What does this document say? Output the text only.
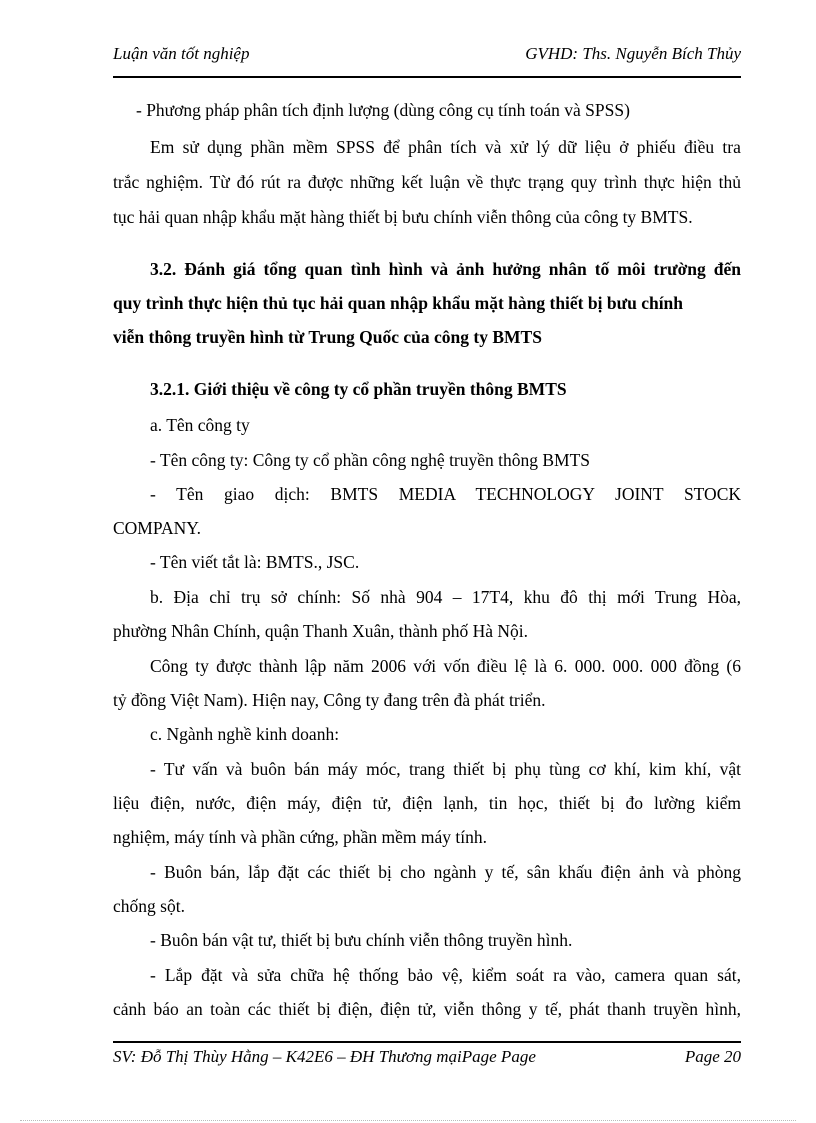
Luận văn tốt nghiệp	GVHD: Ths. Nguyễn Bích Thủy
- Phương pháp phân tích định lượng (dùng công cụ tính toán và SPSS)
Em sử dụng phần mềm SPSS để phân tích và xử lý dữ liệu ở phiếu điều tra
trắc nghiệm. Từ đó rút ra được những kết luận về thực trạng quy trình thực hiện thủ
tục hải quan nhập khẩu mặt hàng thiết bị bưu chính viễn thông của công ty BMTS.
3.2. Đánh giá tổng quan tình hình và ảnh hưởng nhân tố môi trường đến
quy trình thực hiện thủ tục hải quan nhập khẩu mặt hàng thiết bị bưu chính
viễn thông truyền hình từ Trung Quốc của công ty BMTS
3.2.1. Giới thiệu về công ty cổ phần truyền thông BMTS
a. Tên công ty
- Tên công ty: Công ty cổ phần công nghệ truyền thông BMTS
- Tên giao dịch: BMTS MEDIA TECHNOLOGY JOINT STOCK
COMPANY.
- Tên viết tắt là: BMTS., JSC.
b. Địa chỉ trụ sở chính: Số nhà 904 – 17T4, khu đô thị mới Trung Hòa,
phường Nhân Chính, quận Thanh Xuân, thành phố Hà Nội.
Công ty được thành lập năm 2006 với vốn điều lệ là 6. 000. 000. 000 đồng (6
tỷ đồng Việt Nam). Hiện nay, Công ty đang trên đà phát triển.
c. Ngành nghề kinh doanh:
- Tư vấn và buôn bán máy móc, trang thiết bị phụ tùng cơ khí, kim khí, vật
liệu điện, nước, điện máy, điện tử, điện lạnh, tin học, thiết bị đo lường kiểm
nghiệm, máy tính và phần cứng, phần mềm máy tính.
- Buôn bán, lắp đặt các thiết bị cho ngành y tế, sân khấu điện ảnh và phòng
chống sột.
- Buôn bán vật tư, thiết bị bưu chính viễn thông truyền hình.
- Lắp đặt và sửa chữa hệ thống bảo vệ, kiểm soát ra vào, camera quan sát,
cảnh báo an toàn các thiết bị điện, điện tử, viễn thông y tế, phát thanh truyền hình,
SV: Đỗ Thị Thùy Hằng – K42E6 – ĐH Thương mạiPage Page	Page 20
